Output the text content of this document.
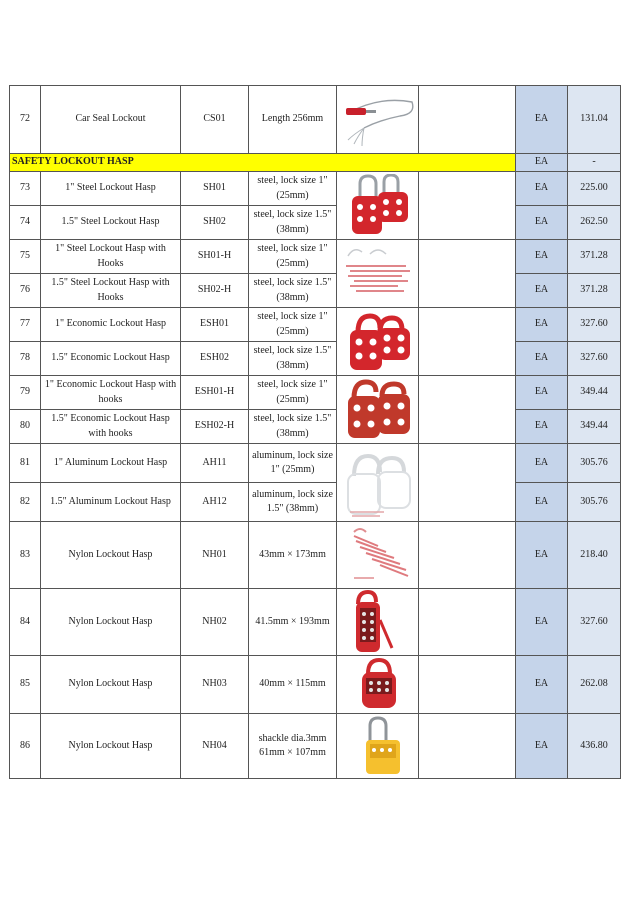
72	Car Seal Lockout	CS01	Length 256mm			EA	131.04
SAFETY LOCKOUT HASP						EA	-
73	1" Steel Lockout Hasp	SH01	steel, lock size 1" (25mm)			EA	225.00
74	1.5" Steel Lockout Hasp	SH02	steel, lock size 1.5" (38mm)			EA	262.50
75	1" Steel Lockout Hasp with Hooks	SH01-H	steel, lock size 1" (25mm)			EA	371.28
76	1.5" Steel Lockout Hasp with Hooks	SH02-H	steel, lock size 1.5" (38mm)			EA	371.28
77	1" Economic Lockout Hasp	ESH01	steel, lock size 1" (25mm)			EA	327.60
78	1.5" Economic Lockout Hasp	ESH02	steel, lock size 1.5" (38mm)			EA	327.60
79	1" Economic Lockout Hasp with hooks	ESH01-H	steel, lock size 1" (25mm)			EA	349.44
80	1.5" Economic Lockout Hasp with hooks	ESH02-H	steel, lock size 1.5" (38mm)			EA	349.44
81	1" Aluminum Lockout Hasp	AH11	aluminum, lock size 1" (25mm)			EA	305.76
82	1.5" Aluminum Lockout Hasp	AH12	aluminum, lock size 1.5" (38mm)			EA	305.76
83	Nylon Lockout Hasp	NH01	43mm × 173mm			EA	218.40
84	Nylon Lockout Hasp	NH02	41.5mm × 193mm			EA	327.60
85	Nylon Lockout Hasp	NH03	40mm × 115mm			EA	262.08
86	Nylon Lockout Hasp	NH04	shackle dia.3mm 61mm × 107mm			EA	436.80
